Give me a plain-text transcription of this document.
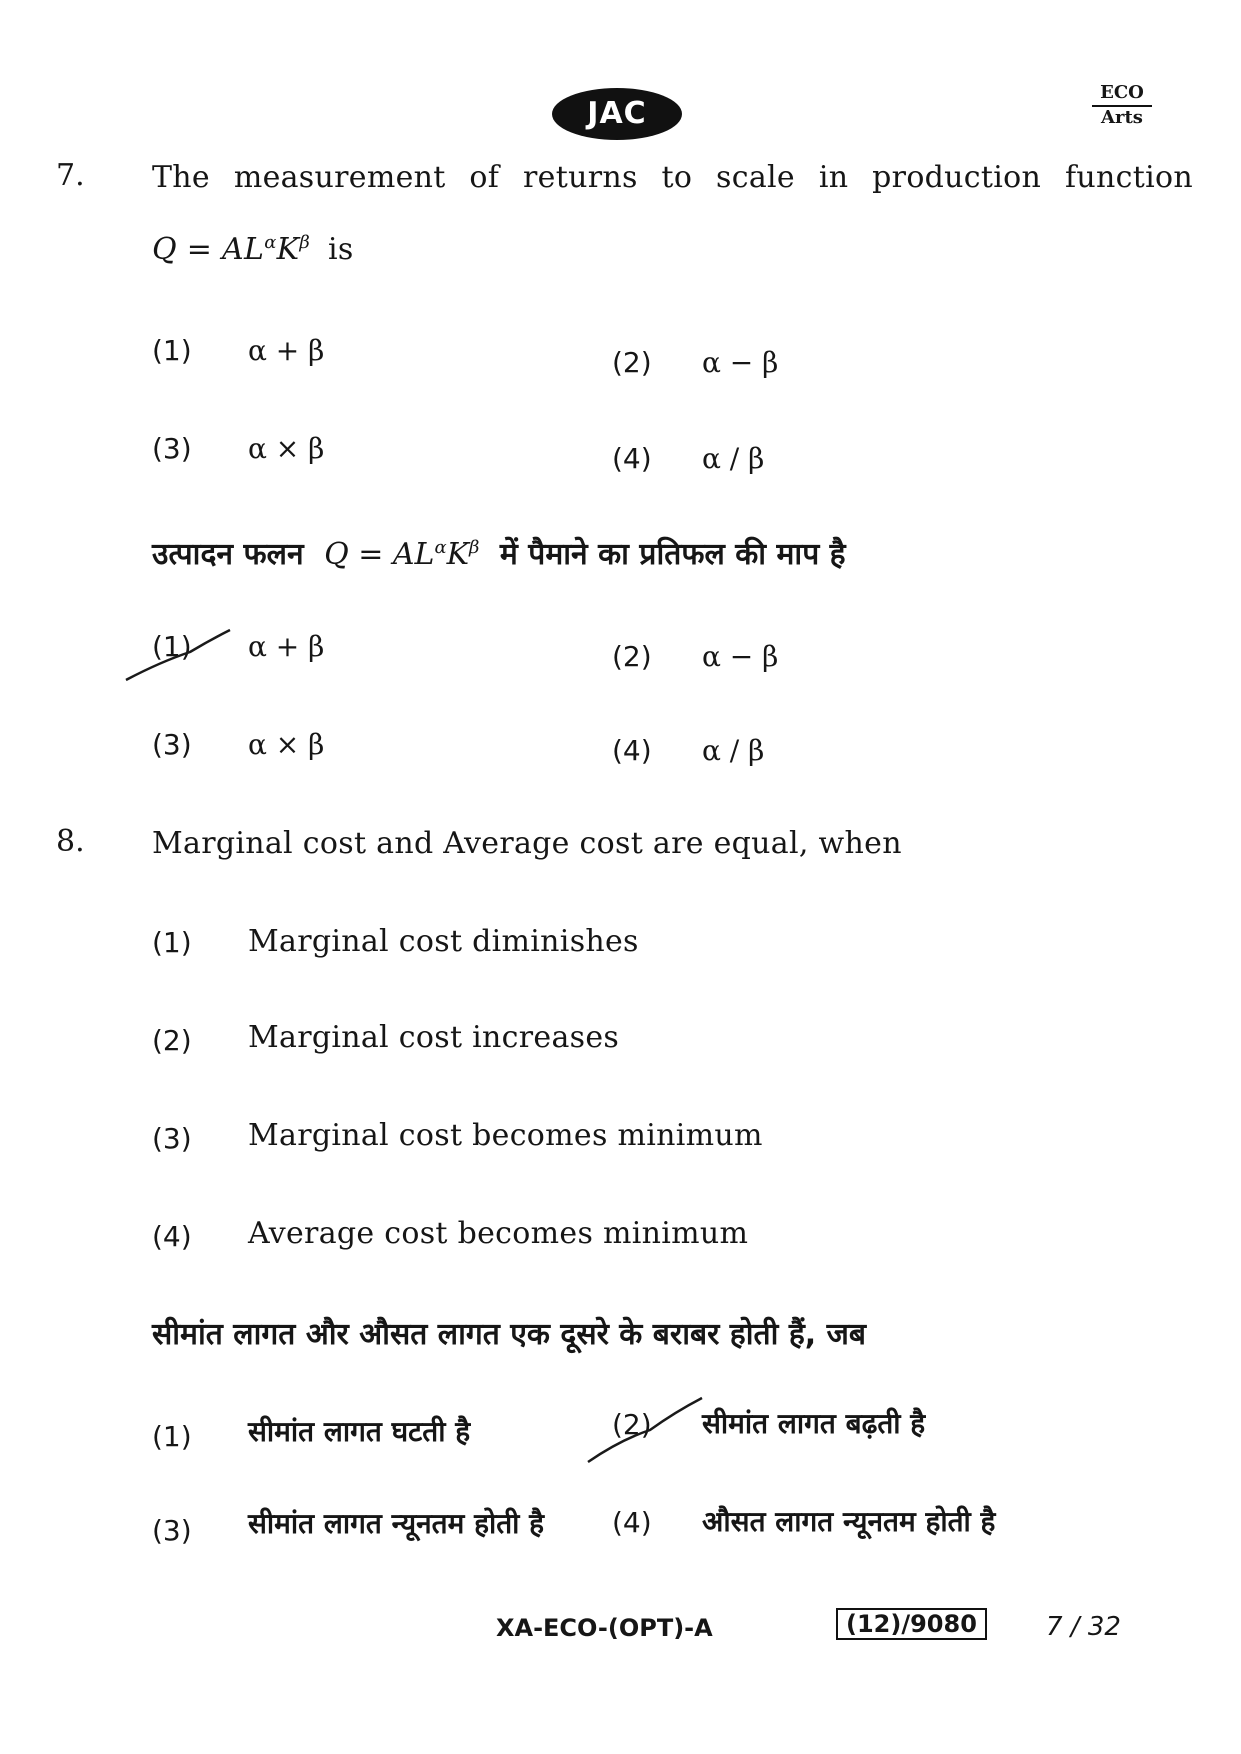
JAC
ECO
Arts
7. The measurement of returns to scale in production function
$Q = AL^\alpha K^\beta$ is
(1) α + β	(2) α − β
(3) α × β	(4) α / β
उत्पादन फलन $Q = AL^\alpha K^\beta$ में पैमाने का प्रतिफल की माप है
(1) α + β	(2) α − β
(3) α × β	(4) α / β
8. Marginal cost and Average cost are equal, when
(1) Marginal cost diminishes
(2) Marginal cost increases
(3) Marginal cost becomes minimum
(4) Average cost becomes minimum
सीमांत लागत और औसत लागत एक दूसरे के बराबर होती हैं, जब
(1) सीमांत लागत घटती है	(2) सीमांत लागत बढ़ती है
(3) सीमांत लागत न्यूनतम होती है (4) औसत लागत न्यूनतम होती है
XA-ECO-(OPT)-A	(12)/9080	7 / 32
